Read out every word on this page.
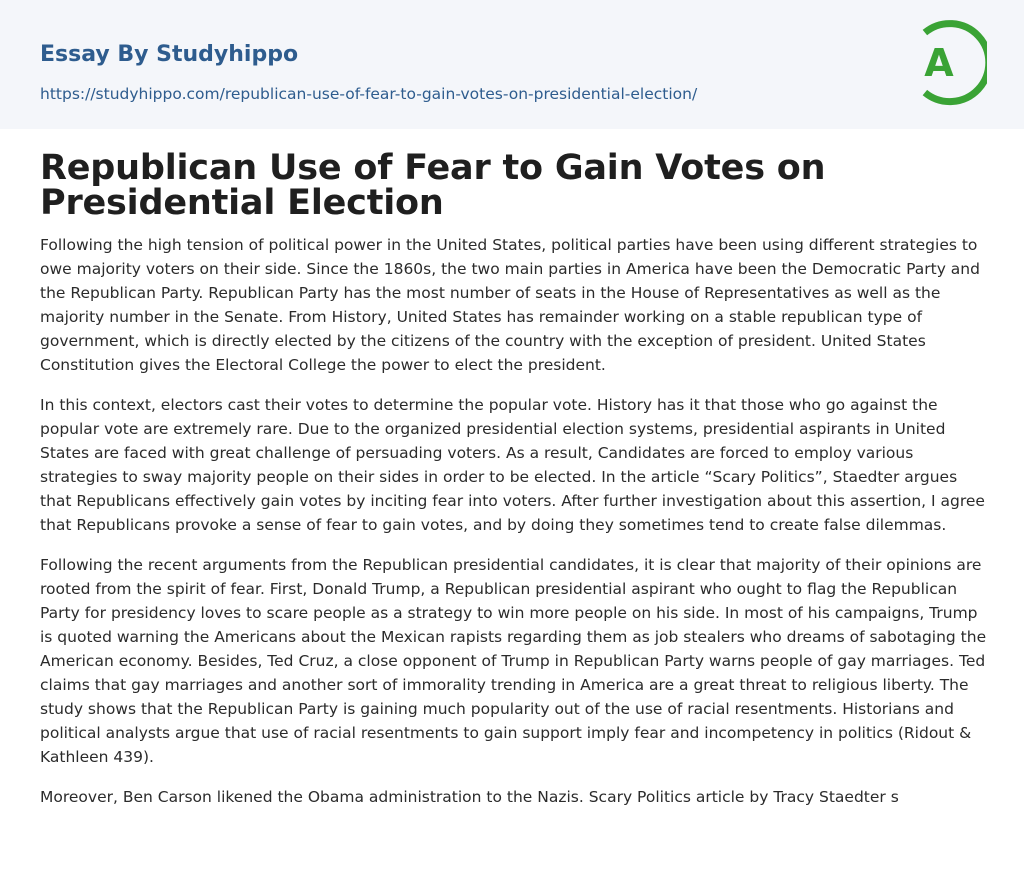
Essay By Studyhippo
https://studyhippo.com/republican-use-of-fear-to-gain-votes-on-presidential-election/
A
Republican Use of Fear to Gain Votes on Presidential Election

Following the high tension of political power in the United States, political parties have been using different strategies to owe majority voters on their side. Since the 1860s, the two main parties in America have been the Democratic Party and the Republican Party. Republican Party has the most number of seats in the House of Representatives as well as the majority number in the Senate. From History, United States has remainder working on a stable republican type of government, which is directly elected by the citizens of the country with the exception of president. United States Constitution gives the Electoral College the power to elect the president.

In this context, electors cast their votes to determine the popular vote. History has it that those who go against the popular vote are extremely rare. Due to the organized presidential election systems, presidential aspirants in United States are faced with great challenge of persuading voters. As a result, Candidates are forced to employ various strategies to sway majority people on their sides in order to be elected. In the article “Scary Politics”, Staedter argues that Republicans effectively gain votes by inciting fear into voters. After further investigation about this assertion, I agree that Republicans provoke a sense of fear to gain votes, and by doing they sometimes tend to create false dilemmas.

Following the recent arguments from the Republican presidential candidates, it is clear that majority of their opinions are rooted from the spirit of fear. First, Donald Trump, a Republican presidential aspirant who ought to flag the Republican Party for presidency loves to scare people as a strategy to win more people on his side. In most of his campaigns, Trump is quoted warning the Americans about the Mexican rapists regarding them as job stealers who dreams of sabotaging the American economy. Besides, Ted Cruz, a close opponent of Trump in Republican Party warns people of gay marriages. Ted claims that gay marriages and another sort of immorality trending in America are a great threat to religious liberty. The study shows that the Republican Party is gaining much popularity out of the use of racial resentments. Historians and political analysts argue that use of racial resentments to gain support imply fear and incompetency in politics (Ridout & Kathleen 439).

Moreover, Ben Carson likened the Obama administration to the Nazis. Scary Politics article by Tracy Staedter s
